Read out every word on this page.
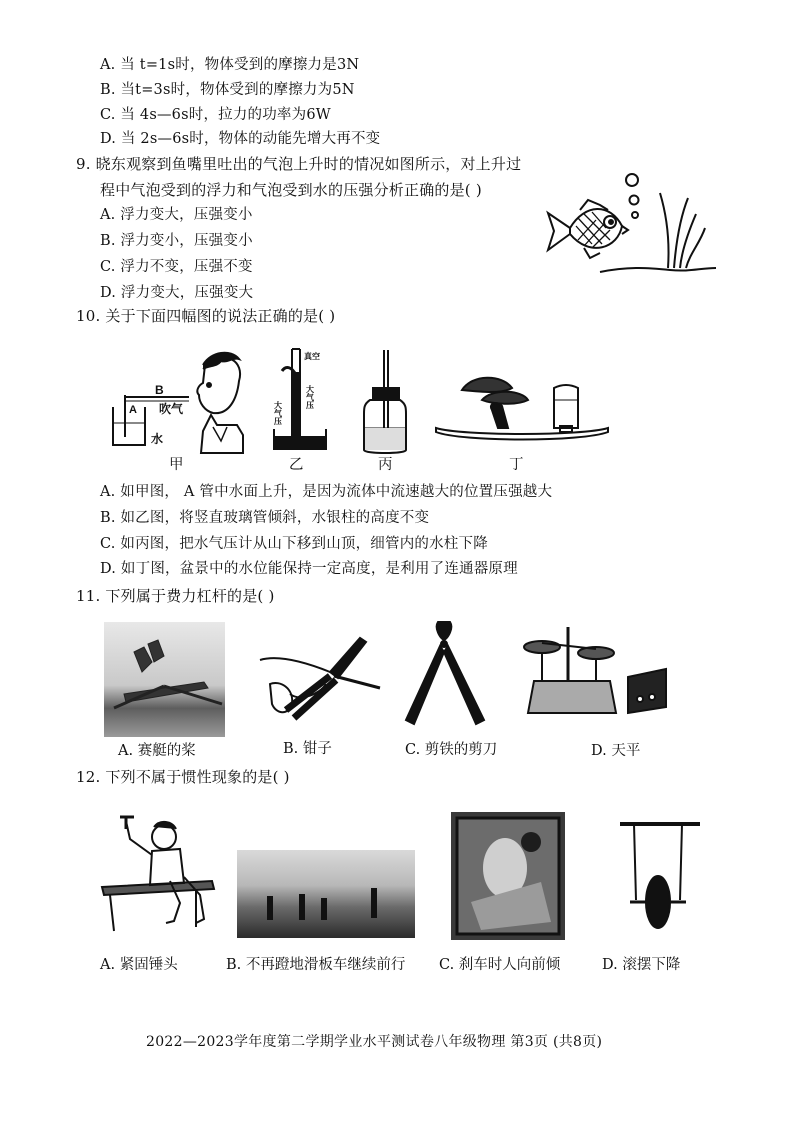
A. 当 t=1s时，物体受到的摩擦力是3N
B. 当t=3s时，物体受到的摩擦力为5N
C. 当 4s—6s时，拉力的功率为6W
D. 当 2s—6s时，物体的动能先增大再不变
9. 晓东观察到鱼嘴里吐出的气泡上升时的情况如图所示，对上升过
程中气泡受到的浮力和气泡受到水的压强分析正确的是( )
A. 浮力变大，压强变小
B. 浮力变小，压强变小
C. 浮力不变，压强不变
D. 浮力变大，压强变大
10. 关于下面四幅图的说法正确的是( )
B
A 吹气
水
真空
大气压
大气压
甲	乙	丙	丁
A. 如甲图， A 管中水面上升，是因为流体中流速越大的位置压强越大
B. 如乙图，将竖直玻璃管倾斜，水银柱的高度不变
C. 如丙图，把水气压计从山下移到山顶，细管内的水柱下降
D. 如丁图，盆景中的水位能保持一定高度，是利用了连通器原理
11. 下列属于费力杠杆的是( )
A. 赛艇的桨	B. 钳子	C. 剪铁的剪刀	D. 天平
12. 下列不属于惯性现象的是( )
A. 紧固锤头	B. 不再蹬地滑板车继续前行 C. 刹车时人向前倾	D. 滚摆下降
2022—2023学年度第二学期学业水平测试卷八年级物理 第3页 (共8页)
